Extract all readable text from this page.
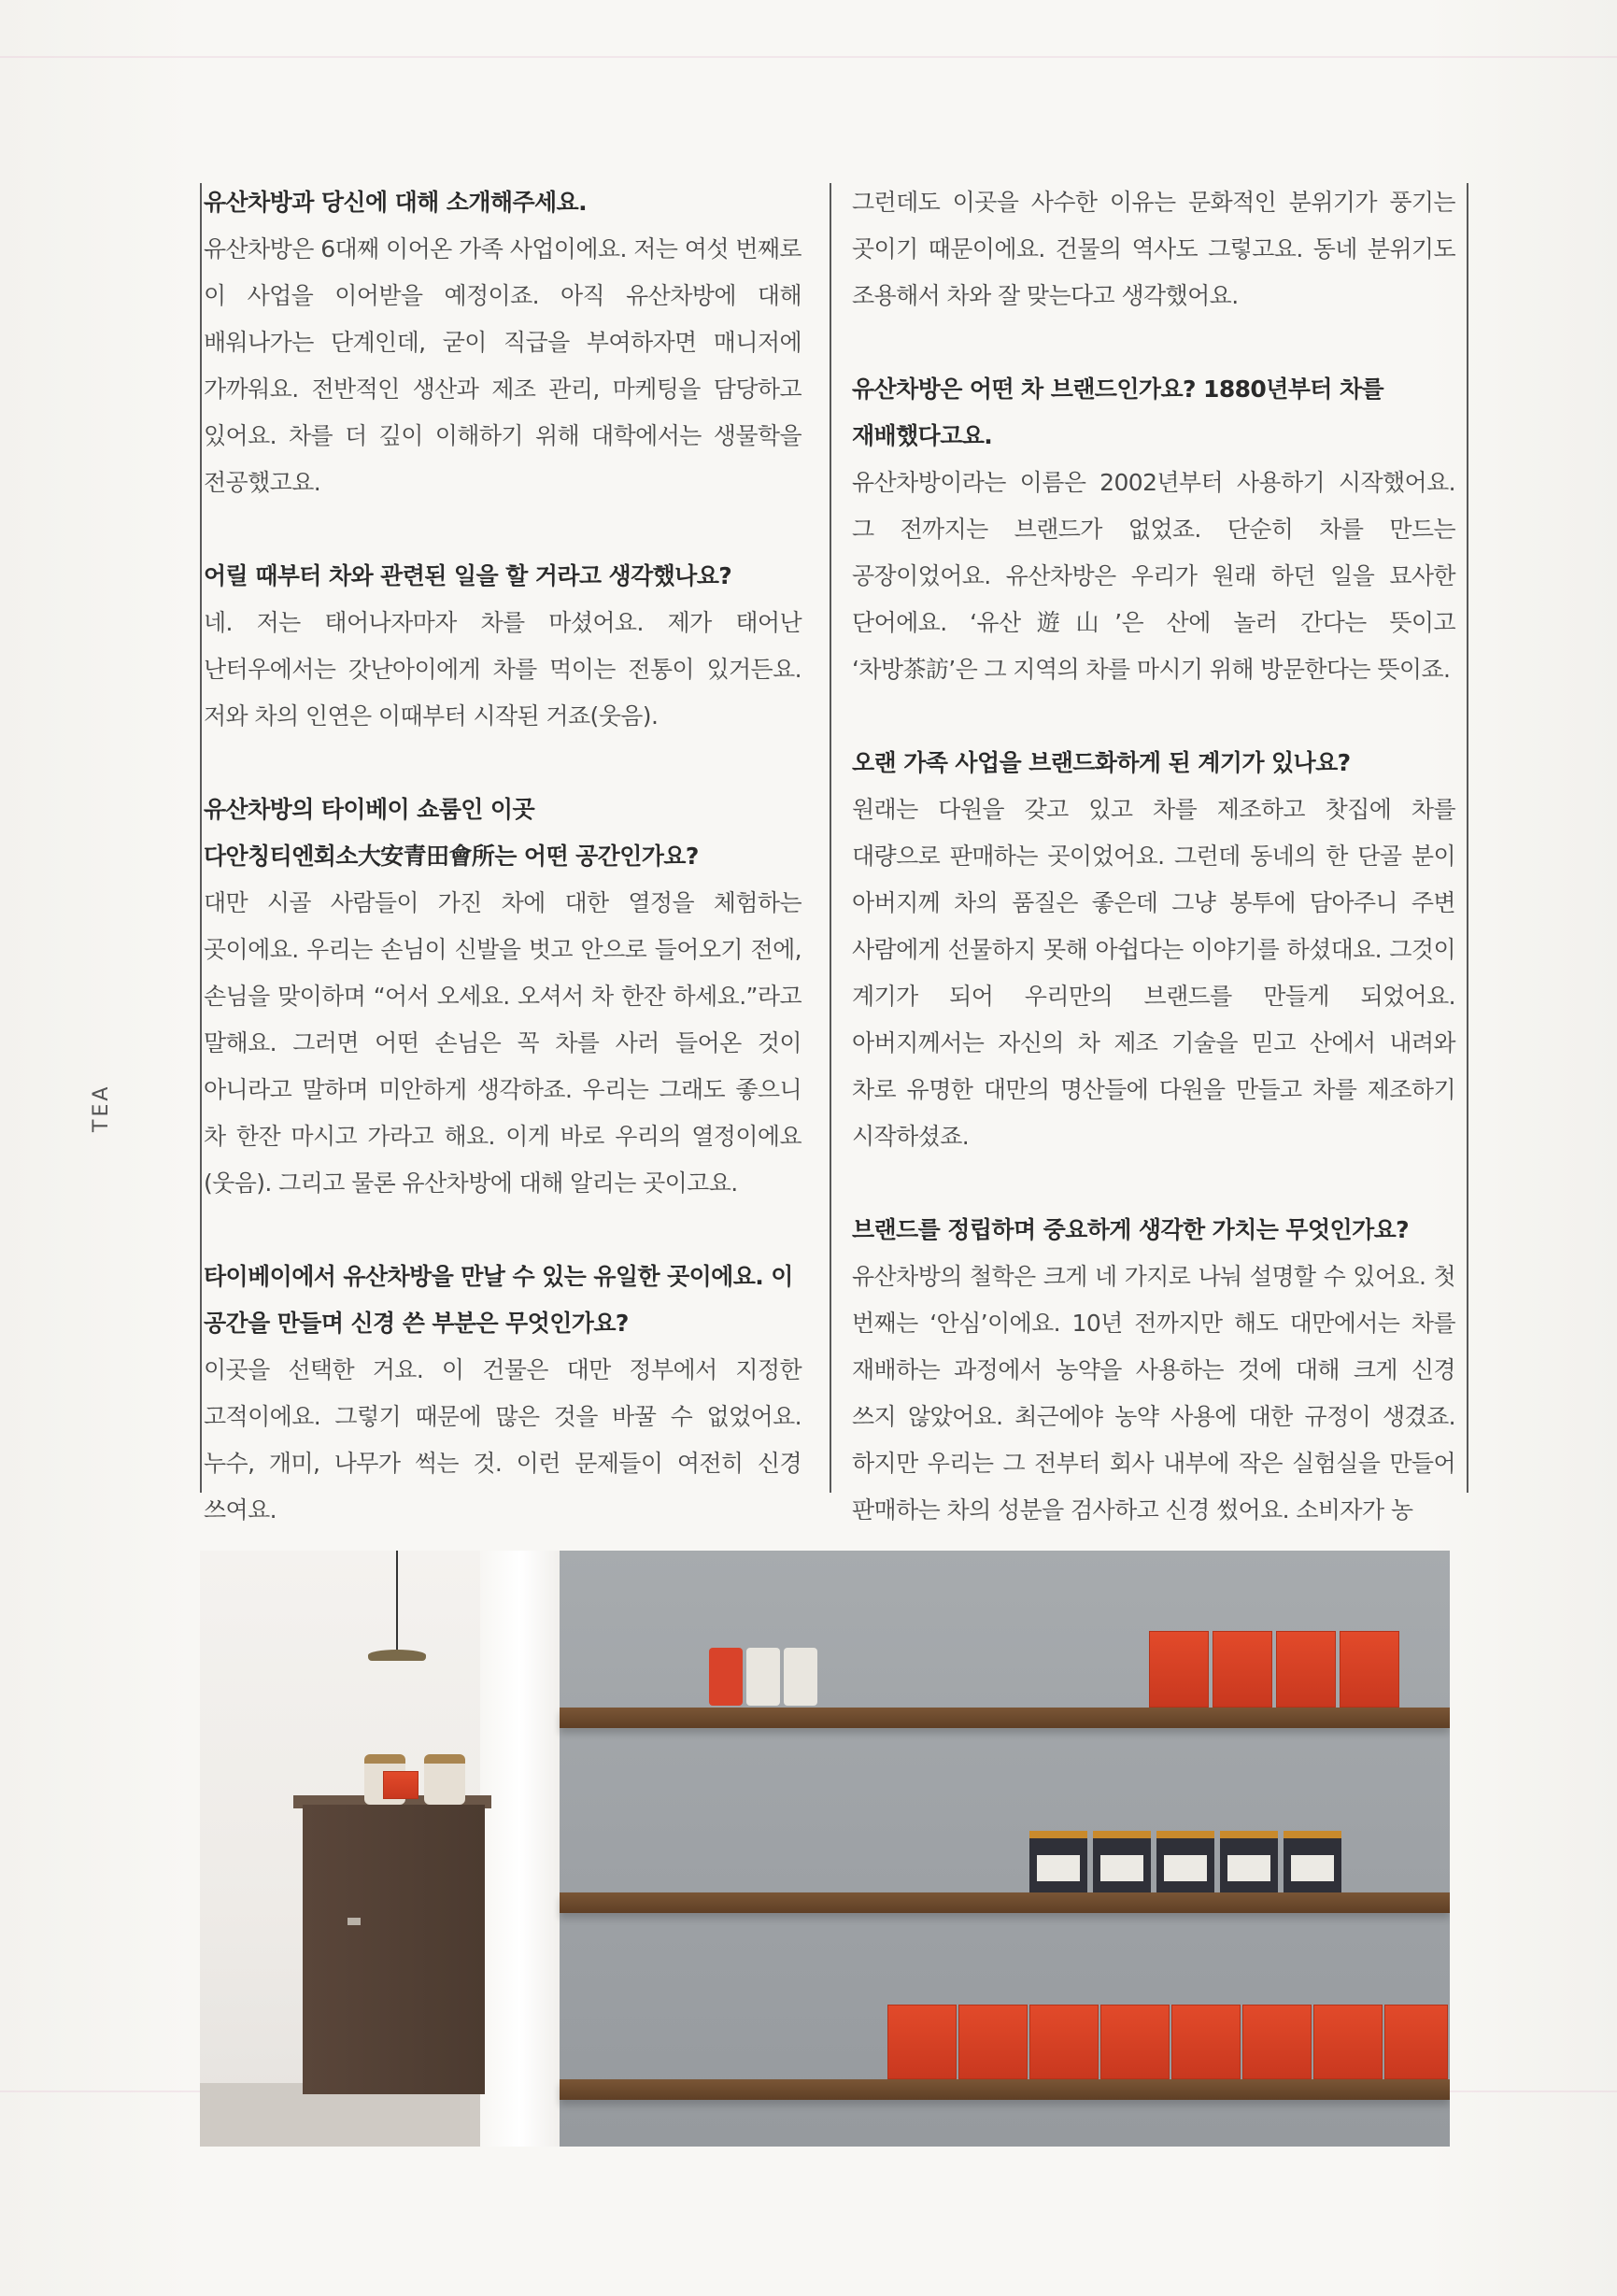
TEA

유산차방과 당신에 대해 소개해주세요.

유산차방은 6대째 이어온 가족 사업이에요. 저는 여섯 번째로 이 사업을 이어받을 예정이죠. 아직 유산차방에 대해 배워나가는 단계인데, 굳이 직급을 부여하자면 매니저에 가까워요. 전반적인 생산과 제조 관리, 마케팅을 담당하고 있어요. 차를 더 깊이 이해하기 위해 대학에서는 생물학을 전공했고요.

어릴 때부터 차와 관련된 일을 할 거라고 생각했나요?

네. 저는 태어나자마자 차를 마셨어요. 제가 태어난 난터우에서는 갓난아이에게 차를 먹이는 전통이 있거든요. 저와 차의 인연은 이때부터 시작된 거죠(웃음).

유산차방의 타이베이 쇼룸인 이곳 다안칭티엔회소大安青田會所는 어떤 공간인가요?

대만 시골 사람들이 가진 차에 대한 열정을 체험하는 곳이에요. 우리는 손님이 신발을 벗고 안으로 들어오기 전에, 손님을 맞이하며 “어서 오세요. 오셔서 차 한잔 하세요.”라고 말해요. 그러면 어떤 손님은 꼭 차를 사러 들어온 것이 아니라고 말하며 미안하게 생각하죠. 우리는 그래도 좋으니 차 한잔 마시고 가라고 해요. 이게 바로 우리의 열정이에요(웃음). 그리고 물론 유산차방에 대해 알리는 곳이고요.

타이베이에서 유산차방을 만날 수 있는 유일한 곳이에요. 이 공간을 만들며 신경 쓴 부분은 무엇인가요?

이곳을 선택한 거요. 이 건물은 대만 정부에서 지정한 고적이에요. 그렇기 때문에 많은 것을 바꿀 수 없었어요. 누수, 개미, 나무가 썩는 것. 이런 문제들이 여전히 신경 쓰여요.

그런데도 이곳을 사수한 이유는 문화적인 분위기가 풍기는 곳이기 때문이에요. 건물의 역사도 그렇고요. 동네 분위기도 조용해서 차와 잘 맞는다고 생각했어요.

유산차방은 어떤 차 브랜드인가요? 1880년부터 차를 재배했다고요.

유산차방이라는 이름은 2002년부터 사용하기 시작했어요. 그 전까지는 브랜드가 없었죠. 단순히 차를 만드는 공장이었어요. 유산차방은 우리가 원래 하던 일을 묘사한 단어에요. ‘유산遊山’은 산에 놀러 간다는 뜻이고 ‘차방茶訪’은 그 지역의 차를 마시기 위해 방문한다는 뜻이죠.

오랜 가족 사업을 브랜드화하게 된 계기가 있나요?

원래는 다원을 갖고 있고 차를 제조하고 찻집에 차를 대량으로 판매하는 곳이었어요. 그런데 동네의 한 단골 분이 아버지께 차의 품질은 좋은데 그냥 봉투에 담아주니 주변 사람에게 선물하지 못해 아쉽다는 이야기를 하셨대요. 그것이 계기가 되어 우리만의 브랜드를 만들게 되었어요. 아버지께서는 자신의 차 제조 기술을 믿고 산에서 내려와 차로 유명한 대만의 명산들에 다원을 만들고 차를 제조하기 시작하셨죠.

브랜드를 정립하며 중요하게 생각한 가치는 무엇인가요?

유산차방의 철학은 크게 네 가지로 나눠 설명할 수 있어요. 첫 번째는 ‘안심’이에요. 10년 전까지만 해도 대만에서는 차를 재배하는 과정에서 농약을 사용하는 것에 대해 크게 신경 쓰지 않았어요. 최근에야 농약 사용에 대한 규정이 생겼죠. 하지만 우리는 그 전부터 회사 내부에 작은 실험실을 만들어 판매하는 차의 성분을 검사하고 신경 썼어요. 소비자가 농
